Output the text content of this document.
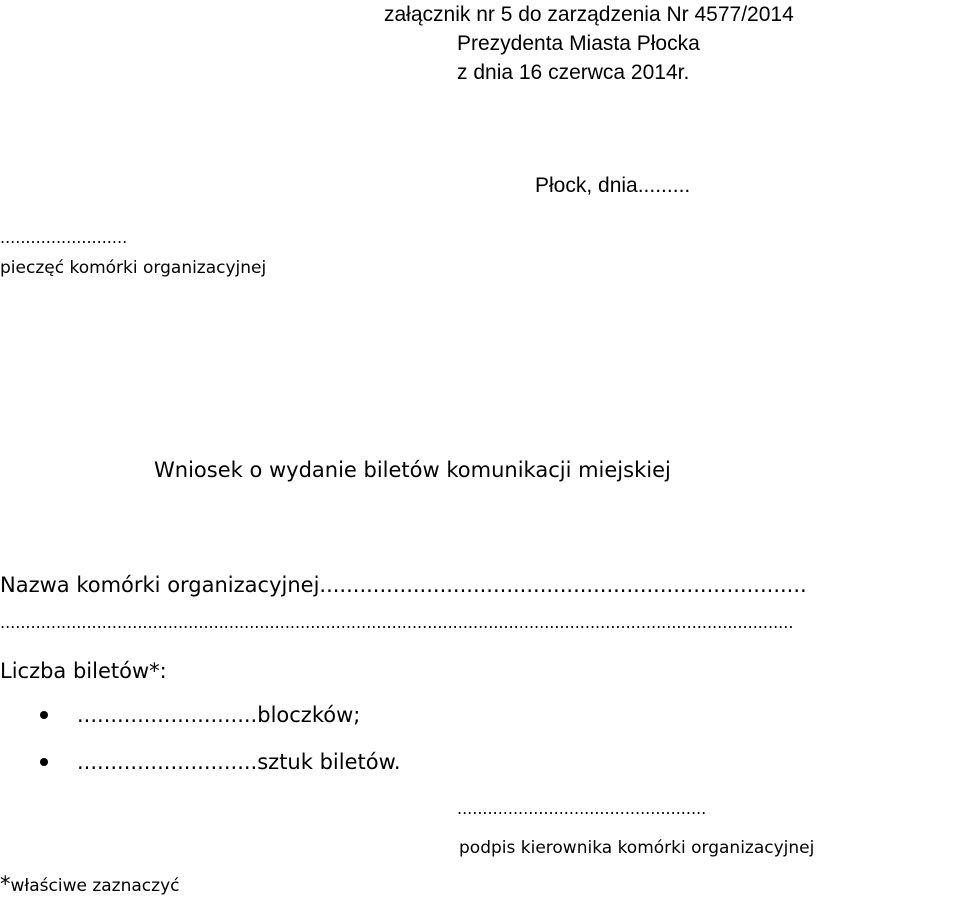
załącznik nr 5 do zarządzenia Nr 4577/2014
Prezydenta Miasta Płocka
z dnia 16 czerwca 2014r.
Płock, dnia.........
.........................
pieczęć komórki organizacyjnej
Wniosek o wydanie biletów komunikacji miejskiej
Nazwa komórki organizacyjnej.........................................................................
............................................................................................................................................................
Liczba biletów*:
...........................bloczków;
...........................sztuk biletów.
.................................................
podpis kierownika komórki organizacyjnej
*właściwe zaznaczyć
